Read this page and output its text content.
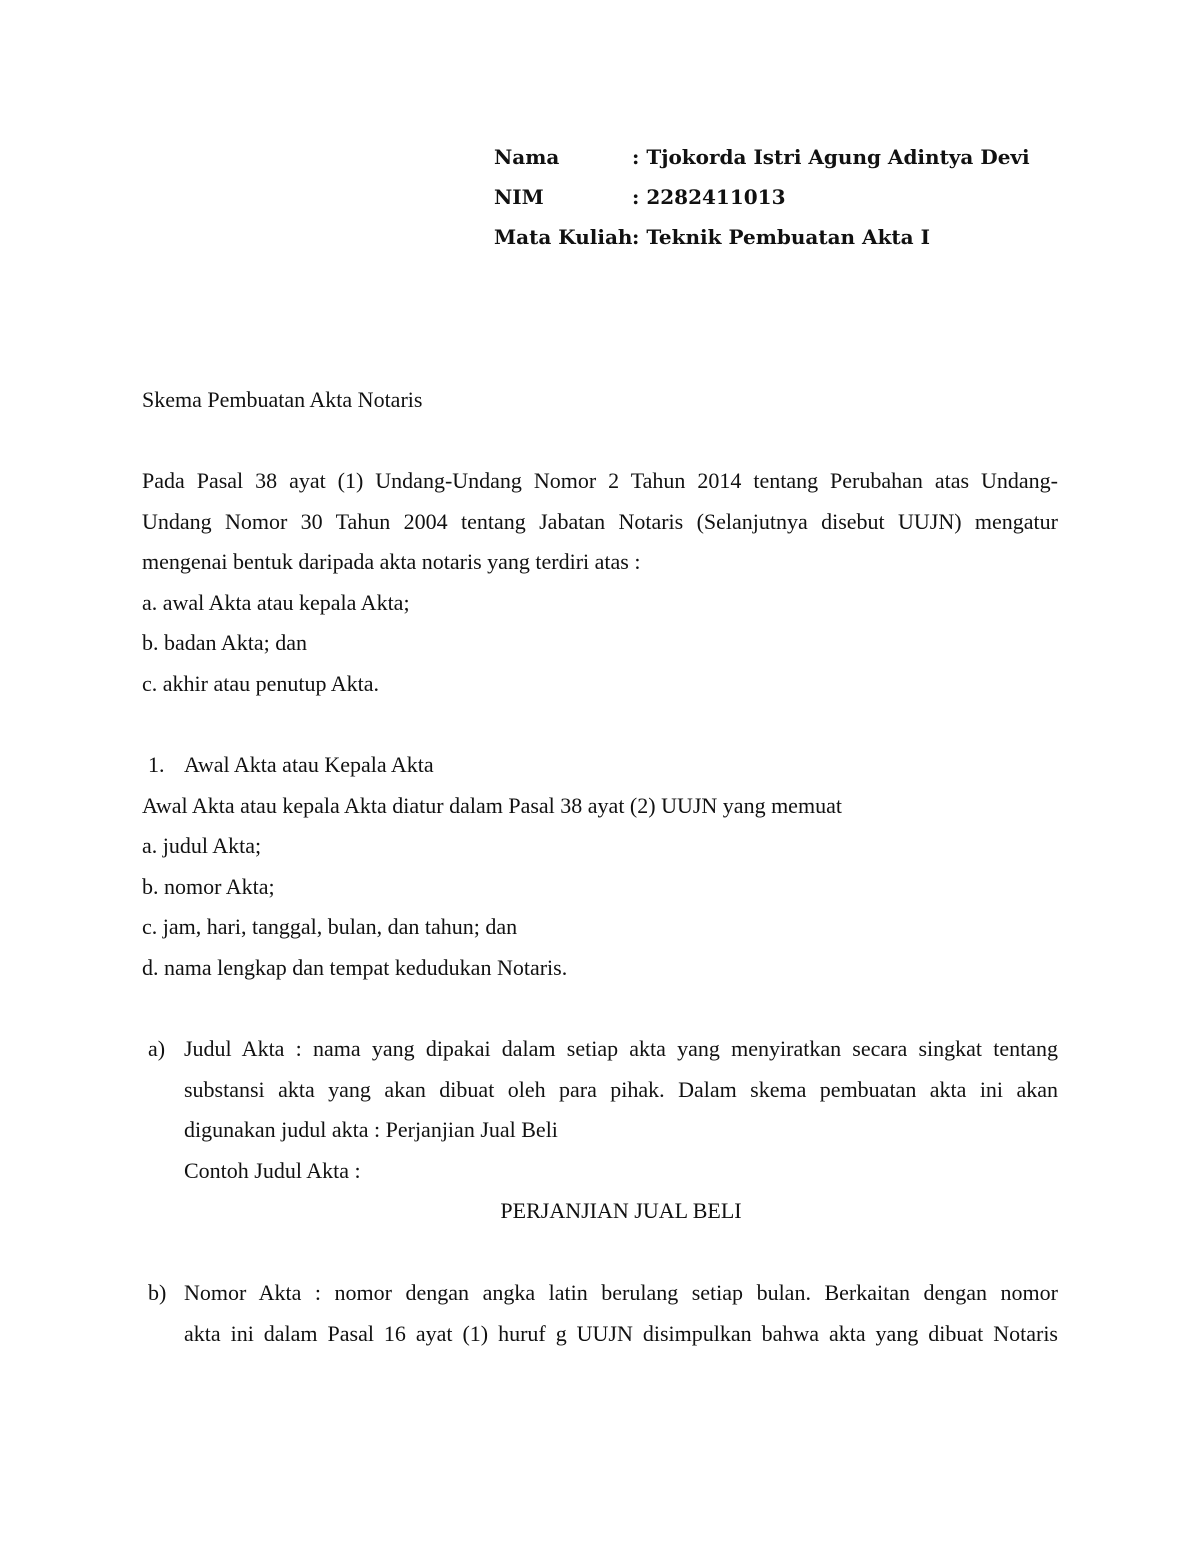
Nama	: Tjokorda Istri Agung Adintya Devi
NIM	: 2282411013
Mata Kuliah: Teknik Pembuatan Akta I
Skema Pembuatan Akta Notaris
Pada Pasal 38 ayat (1) Undang-Undang Nomor 2 Tahun 2014 tentang Perubahan atas Undang-
Undang Nomor 30 Tahun 2004 tentang Jabatan Notaris (Selanjutnya disebut UUJN) mengatur
mengenai bentuk daripada akta notaris yang terdiri atas :
a. awal Akta atau kepala Akta;
b. badan Akta; dan
c. akhir atau penutup Akta.
1. Awal Akta atau Kepala Akta
Awal Akta atau kepala Akta diatur dalam Pasal 38 ayat (2) UUJN yang memuat
a. judul Akta;
b. nomor Akta;
c. jam, hari, tanggal, bulan, dan tahun; dan
d. nama lengkap dan tempat kedudukan Notaris.
a) Judul Akta : nama yang dipakai dalam setiap akta yang menyiratkan secara singkat tentang
substansi akta yang akan dibuat oleh para pihak. Dalam skema pembuatan akta ini akan
digunakan judul akta : Perjanjian Jual Beli
Contoh Judul Akta :
PERJANJIAN JUAL BELI
b) Nomor Akta : nomor dengan angka latin berulang setiap bulan. Berkaitan dengan nomor
akta ini dalam Pasal 16 ayat (1) huruf g UUJN disimpulkan bahwa akta yang dibuat Notaris
